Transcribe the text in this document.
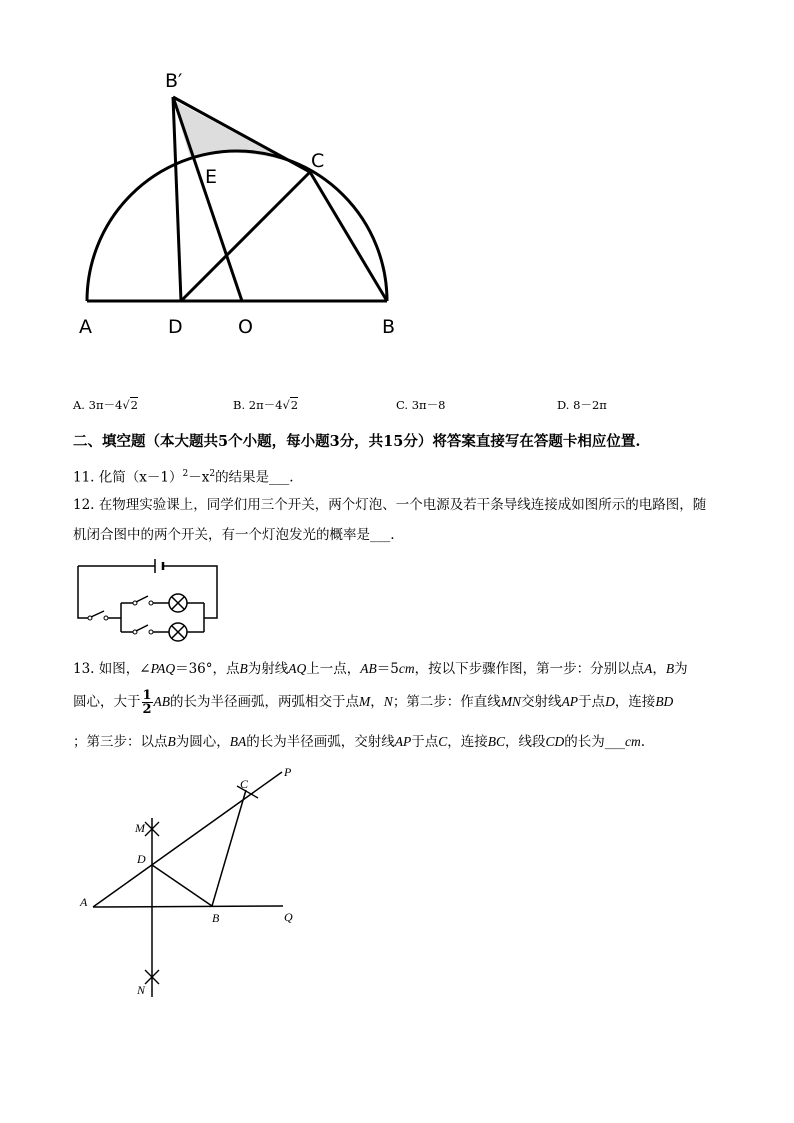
B′
C
E
A	D	O	B
A. 3π－4√2	B. 2π－4√2	C. 3π－8	D. 8－2π
二、填空题（本大题共5个小题，每小题3分，共15分）将答案直接写在答题卡相应位置.
11. 化简$(x-1)^2-x^2$的结果是___.
12. 在物理实验课上，同学们用三个开关，两个灯泡、一个电源及若干条导线连接成如图所示的电路图，随
机闭合图中的两个开关，有一个灯泡发光的概率是___.
13. 如图，∠PAQ＝36°，点B为射线AQ上一点，AB＝5cm，按以下步骤作图，第一步：分别以点A，B为
圆心，大于 $\frac{1}{2}$ AB的长为半径画弧，两弧相交于点M，N；第二步：作直线MN交射线AP于点D，连接BD
；第三步：以点B为圆心，BA的长为半径画弧，交射线AP于点C，连接BC，线段CD的长为___cm.
C
P
M
D
A
B	Q
N
